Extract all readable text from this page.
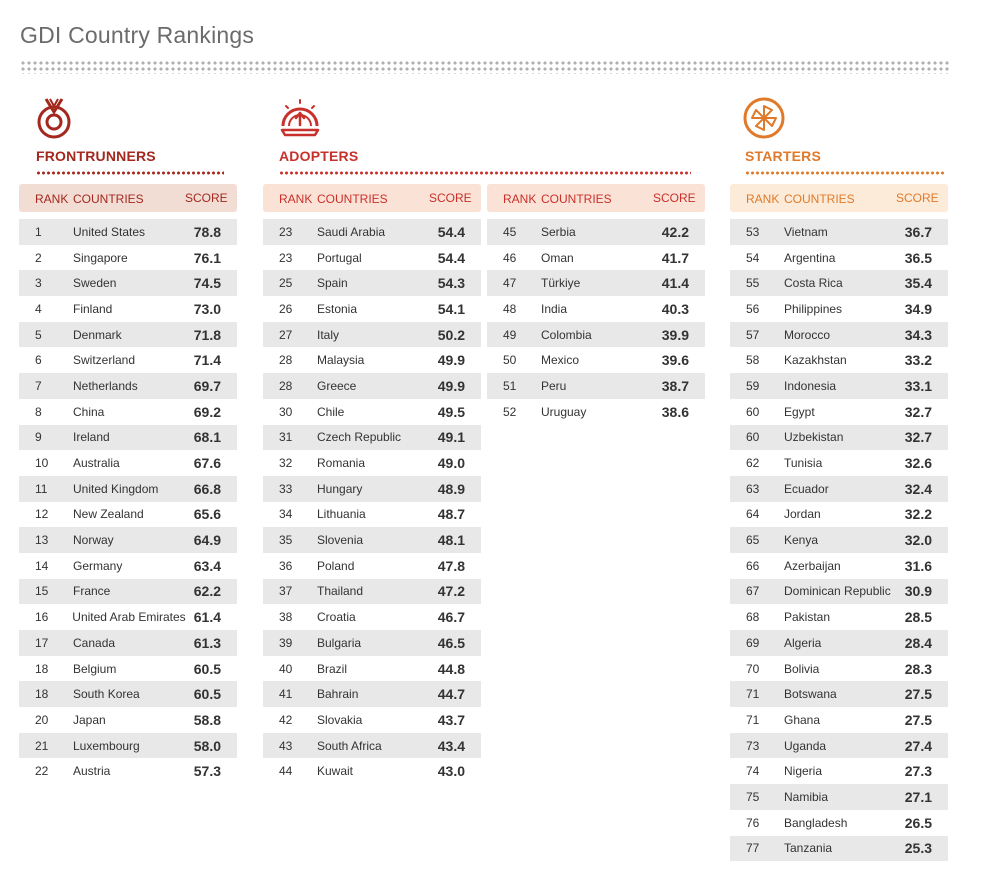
GDI Country Rankings
FRONTRUNNERS	ADOPTERS	STARTERS
RANK COUNTRIES	SCORE
1	United States	78.8
2	Singapore	76.1
3	Sweden	74.5
4	Finland	73.0
5	Denmark	71.8
6	Switzerland	71.4
7	Netherlands	69.7
8	China	69.2
9	Ireland	68.1
10	Australia	67.6
11	United Kingdom	66.8
12	New Zealand	65.6
13	Norway	64.9
14	Germany	63.4
15	France	62.2
16	United Arab Emirates 61.4
17	Canada	61.3
18	Belgium	60.5
18	South Korea	60.5
20	Japan	58.8
21	Luxembourg	58.0
22	Austria	57.3
RANK COUNTRIES	SCORE
23	Saudi Arabia	54.4
23	Portugal	54.4
25	Spain	54.3
26	Estonia	54.1
27	Italy	50.2
28	Malaysia	49.9
28	Greece	49.9
30	Chile	49.5
31	Czech Republic	49.1
32	Romania	49.0
33	Hungary	48.9
34	Lithuania	48.7
35	Slovenia	48.1
36	Poland	47.8
37	Thailand	47.2
38	Croatia	46.7
39	Bulgaria	46.5
40	Brazil	44.8
41	Bahrain	44.7
42	Slovakia	43.7
43	South Africa	43.4
44	Kuwait	43.0
RANK COUNTRIES	SCORE
45	Serbia	42.2
46	Oman	41.7
47	Türkiye	41.4
48	India	40.3
49	Colombia	39.9
50	Mexico	39.6
51	Peru	38.7
52	Uruguay	38.6
RANK COUNTRIES	SCORE
53	Vietnam	36.7
54	Argentina	36.5
55	Costa Rica	35.4
56	Philippines	34.9
57	Morocco	34.3
58	Kazakhstan	33.2
59	Indonesia	33.1
60	Egypt	32.7
60	Uzbekistan	32.7
62	Tunisia	32.6
63	Ecuador	32.4
64	Jordan	32.2
65	Kenya	32.0
66	Azerbaijan	31.6
67	Dominican Republic	30.9
68	Pakistan	28.5
69	Algeria	28.4
70	Bolivia	28.3
71	Botswana	27.5
71	Ghana	27.5
73	Uganda	27.4
74	Nigeria	27.3
75	Namibia	27.1
76	Bangladesh	26.5
77	Tanzania	25.3
